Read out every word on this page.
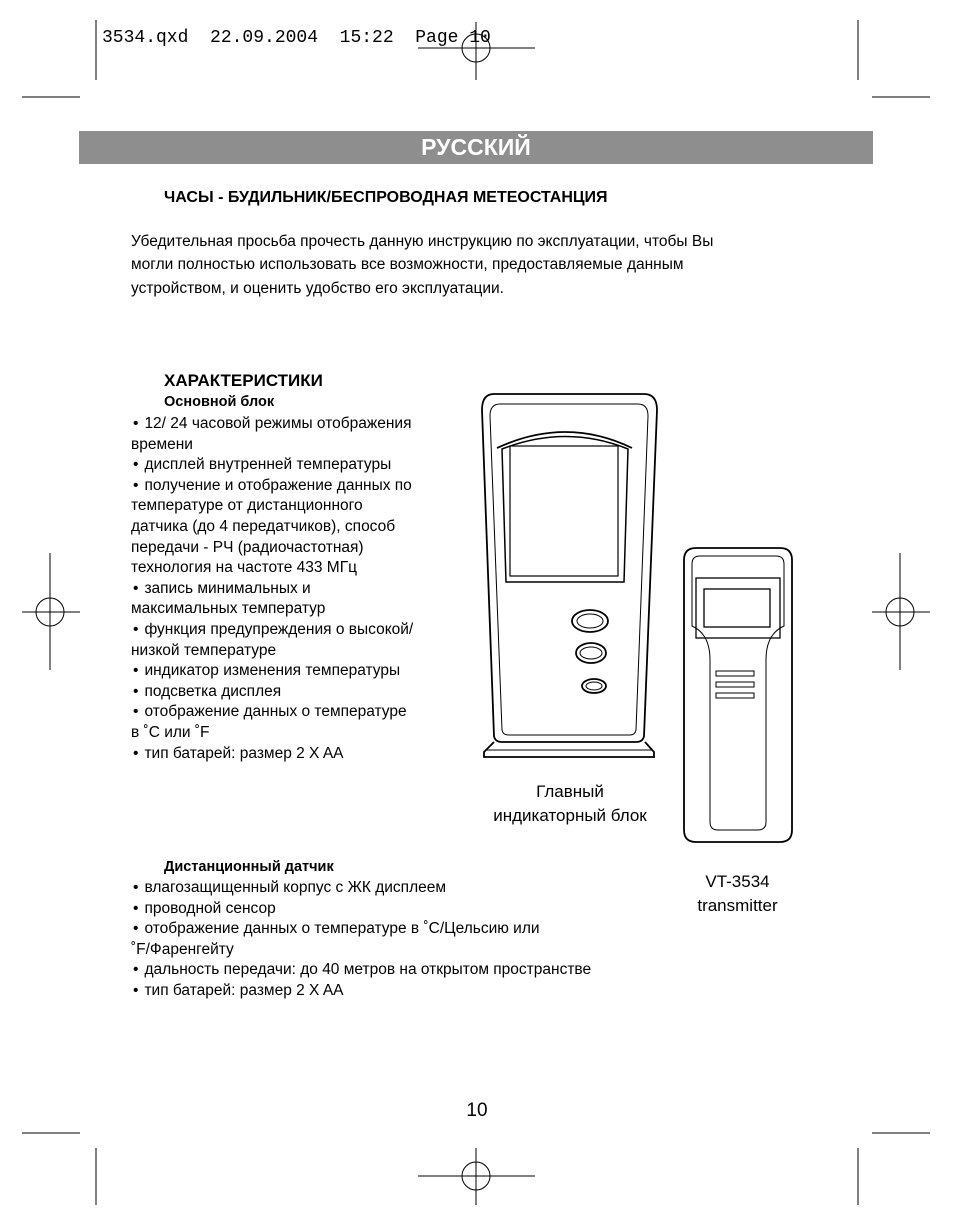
3534.qxd  22.09.2004  15:22  Page 10
РУССКИЙ
ЧАСЫ - БУДИЛЬНИК/БЕСПРОВОДНАЯ МЕТЕОСТАНЦИЯ
Убедительная просьба прочесть данную инструкцию по эксплуатации, чтобы Вы
могли полностью использовать все возможности, предоставляемые данным
устройством, и оценить удобство его эксплуатации.
ХАРАКТЕРИСТИКИ
Основной блок
• 12/ 24 часовой режимы отображения
времени
• дисплей внутренней температуры
• получение и отображение данных по
температуре от дистанционного
датчика (до 4 передатчиков), способ
передачи - РЧ (радиочастотная)
технология на частоте 433 МГц
• запись минимальных и
максимальных температур
• функция предупреждения о высокой/
низкой температуре
• индикатор изменения температуры
• подсветка дисплея
• отображение данных о температуре
в ˚С или ˚F
• тип батарей: размер 2 X AA
Главный
индикаторный блок
VT-3534
transmitter
Дистанционный датчик
• влагозащищенный корпус с ЖК дисплеем
• проводной сенсор
• отображение данных о температуре в ˚С/Цельсию или
˚F/Фаренгейту
• дальность передачи: до 40 метров на открытом пространстве
• тип батарей: размер 2 X AA
10
